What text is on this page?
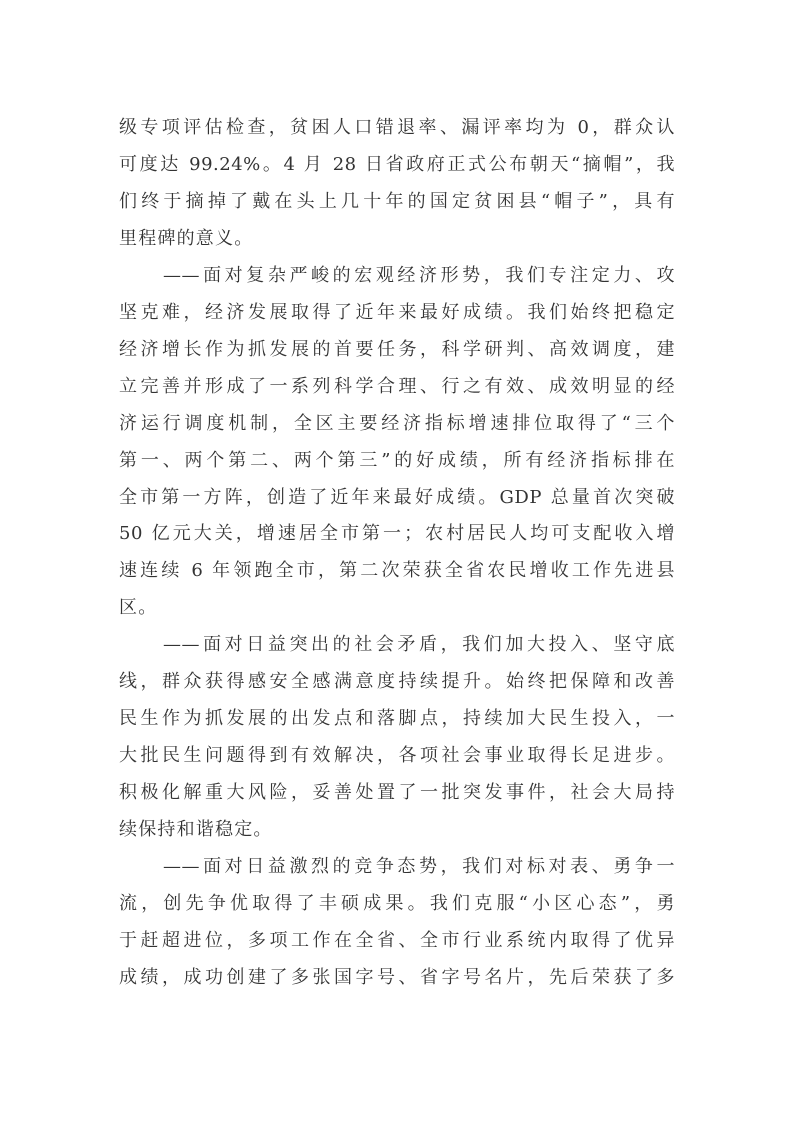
级专项评估检查，贫困人口错退率、漏评率均为 0，群众认
可度达 99.24%。4 月 28 日省政府正式公布朝天“摘帽”，我
们终于摘掉了戴在头上几十年的国定贫困县“帽子”，具有
里程碑的意义。
——面对复杂严峻的宏观经济形势，我们专注定力、攻
坚克难，经济发展取得了近年来最好成绩。我们始终把稳定
经济增长作为抓发展的首要任务，科学研判、高效调度，建
立完善并形成了一系列科学合理、行之有效、成效明显的经
济运行调度机制，全区主要经济指标增速排位取得了“三个
第一、两个第二、两个第三”的好成绩，所有经济指标排在
全市第一方阵，创造了近年来最好成绩。GDP 总量首次突破
50 亿元大关，增速居全市第一；农村居民人均可支配收入增
速连续 6 年领跑全市，第二次荣获全省农民增收工作先进县
区。
——面对日益突出的社会矛盾，我们加大投入、坚守底
线，群众获得感安全感满意度持续提升。始终把保障和改善
民生作为抓发展的出发点和落脚点，持续加大民生投入，一
大批民生问题得到有效解决，各项社会事业取得长足进步。
积极化解重大风险，妥善处置了一批突发事件，社会大局持
续保持和谐稳定。
——面对日益激烈的竞争态势，我们对标对表、勇争一
流，创先争优取得了丰硕成果。我们克服“小区心态”，勇
于赶超进位，多项工作在全省、全市行业系统内取得了优异
成绩，成功创建了多张国字号、省字号名片，先后荣获了多
